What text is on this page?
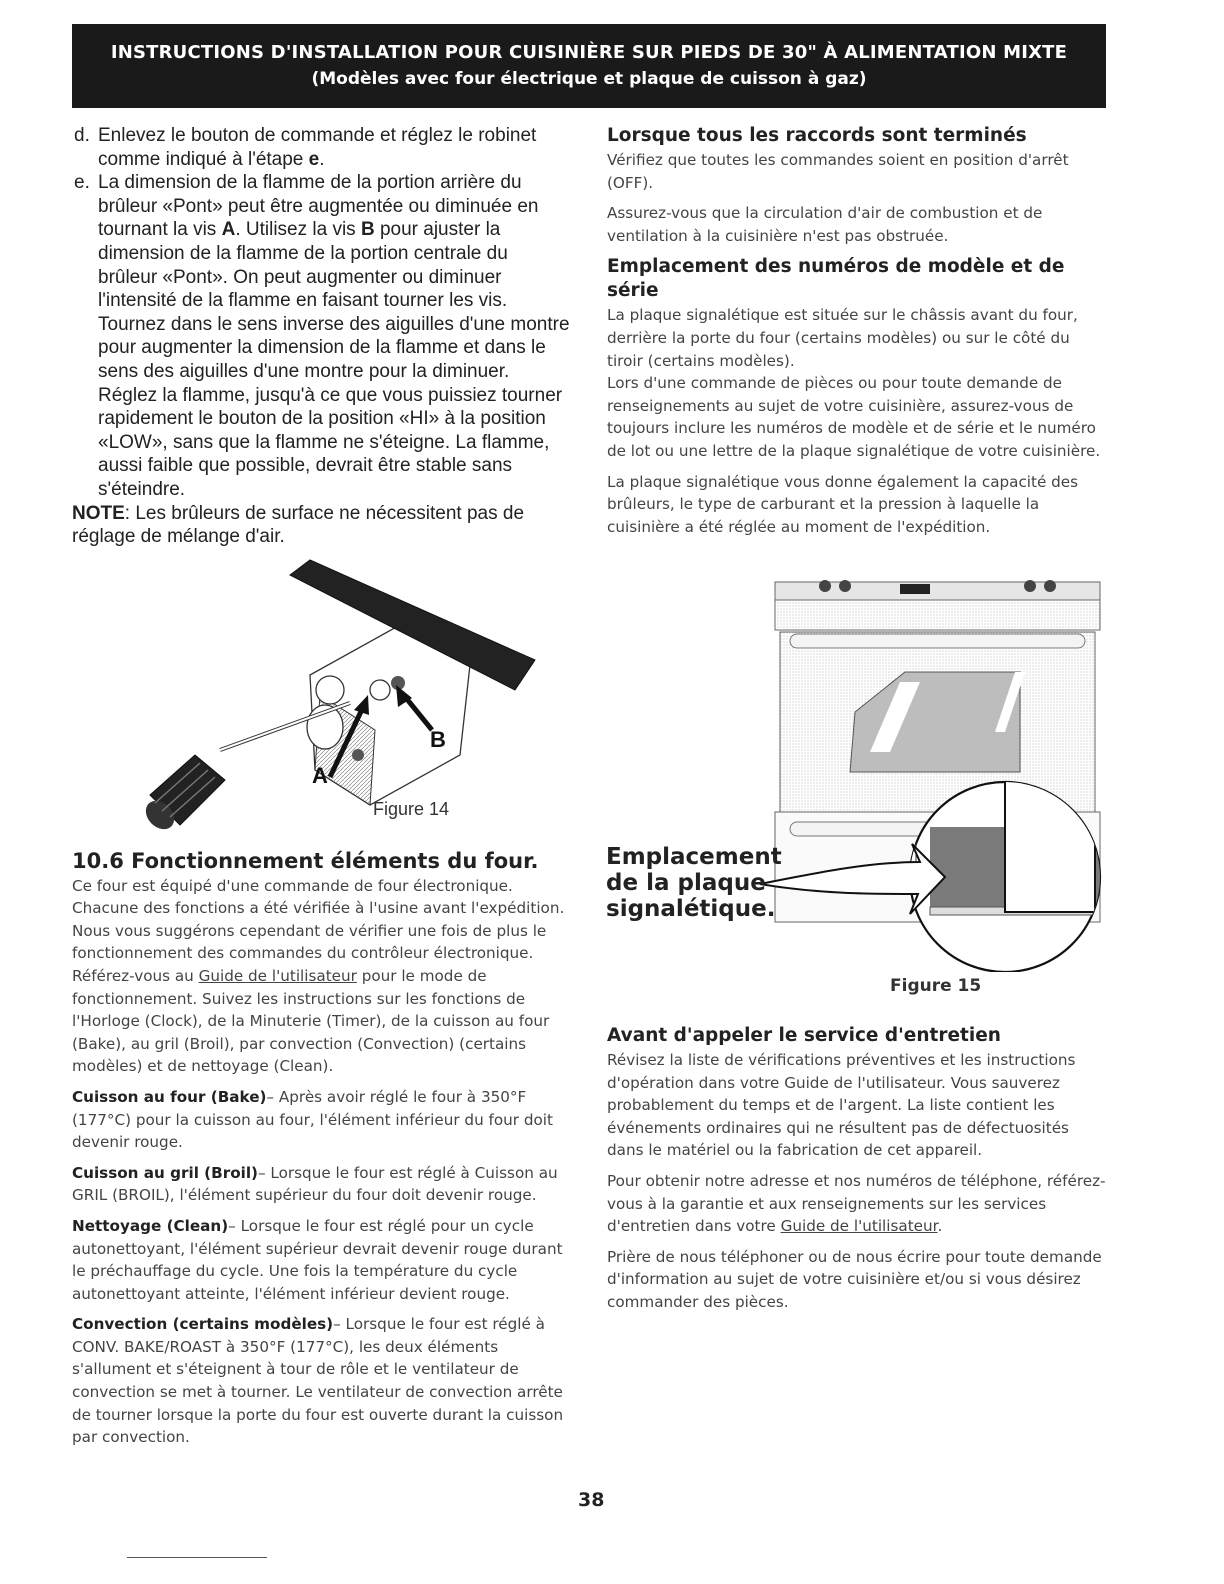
INSTRUCTIONS D'INSTALLATION POUR CUISINIÈRE SUR PIEDS DE 30" À ALIMENTATION MIXTE
(Modèles avec four électrique et plaque de cuisson à gaz)
d. Enlevez le bouton de commande et réglez le robinet comme indiqué à l'étape e.
e. La dimension de la flamme de la portion arrière du brûleur «Pont» peut être augmentée ou diminuée en tournant la vis A. Utilisez la vis B pour ajuster la dimension de la flamme de la portion centrale du brûleur «Pont». On peut augmenter ou diminuer l'intensité de la flamme en faisant tourner les vis. Tournez dans le sens inverse des aiguilles d'une montre pour augmenter la dimension de la flamme et dans le sens des aiguilles d'une montre pour la diminuer. Réglez la flamme, jusqu'à ce que vous puissiez tourner rapidement le bouton de la position «HI» à la position «LOW», sans que la flamme ne s'éteigne. La flamme, aussi faible que possible, devrait être stable sans s'éteindre.

NOTE: Les brûleurs de surface ne nécessitent pas de réglage de mélange d'air.

A
B
Figure 14
10.6 Fonctionnement éléments du four.

Ce four est équipé d'une commande de four électronique. Chacune des fonctions a été vérifiée à l'usine avant l'expédition. Nous vous suggérons cependant de vérifier une fois de plus le fonctionnement des commandes du contrôleur électronique. Référez-vous au Guide de l'utilisateur pour le mode de fonctionnement. Suivez les instructions sur les fonctions de l'Horloge (Clock), de la Minuterie (Timer), de la cuisson au four (Bake), au gril (Broil), par convection (Convection) (certains modèles) et de nettoyage (Clean).

Cuisson au four (Bake)– Après avoir réglé le four à 350°F (177°C) pour la cuisson au four, l'élément inférieur du four doit devenir rouge.

Cuisson au gril (Broil)– Lorsque le four est réglé à Cuisson au GRIL (BROIL), l'élément supérieur du four doit devenir rouge.

Nettoyage (Clean)– Lorsque le four est réglé pour un cycle autonettoyant, l'élément supérieur devrait devenir rouge durant le préchauffage du cycle. Une fois la température du cycle autonettoyant atteinte, l'élément inférieur devient rouge.

Convection (certains modèles)– Lorsque le four est réglé à CONV. BAKE/ROAST à 350°F (177°C), les deux éléments s'allument et s'éteignent à tour de rôle et le ventilateur de convection se met à tourner. Le ventilateur de convection arrête de tourner lorsque la porte du four est ouverte durant la cuisson par convection.

Lorsque tous les raccords sont terminés

Vérifiez que toutes les commandes soient en position d'arrêt (OFF).

Assurez-vous que la circulation d'air de combustion et de ventilation à la cuisinière n'est pas obstruée.

Emplacement des numéros de modèle et de série

La plaque signalétique est située sur le châssis avant du four, derrière la porte du four (certains modèles) ou sur le côté du tiroir (certains modèles).

Lors d'une commande de pièces ou pour toute demande de renseignements au sujet de votre cuisinière, assurez-vous de toujours inclure les numéros de modèle et de série et le numéro de lot ou une lettre de la plaque signalétique de votre cuisinière.

La plaque signalétique vous donne également la capacité des brûleurs, le type de carburant et la pression à laquelle la cuisinière a été réglée au moment de l'expédition.

Emplacement
de la plaque
signalétique.
Figure 15
Avant d'appeler le service d'entretien

Révisez la liste de vérifications préventives et les instructions d'opération dans votre Guide de l'utilisateur. Vous sauverez probablement du temps et de l'argent. La liste contient les événements ordinaires qui ne résultent pas de défectuosités dans le matériel ou la fabrication de cet appareil.

Pour obtenir notre adresse et nos numéros de téléphone, référez-vous à la garantie et aux renseignements sur les services d'entretien dans votre Guide de l'utilisateur.

Prière de nous téléphoner ou de nous écrire pour toute demande d'information au sujet de votre cuisinière et/ou si vous désirez commander des pièces.

38
